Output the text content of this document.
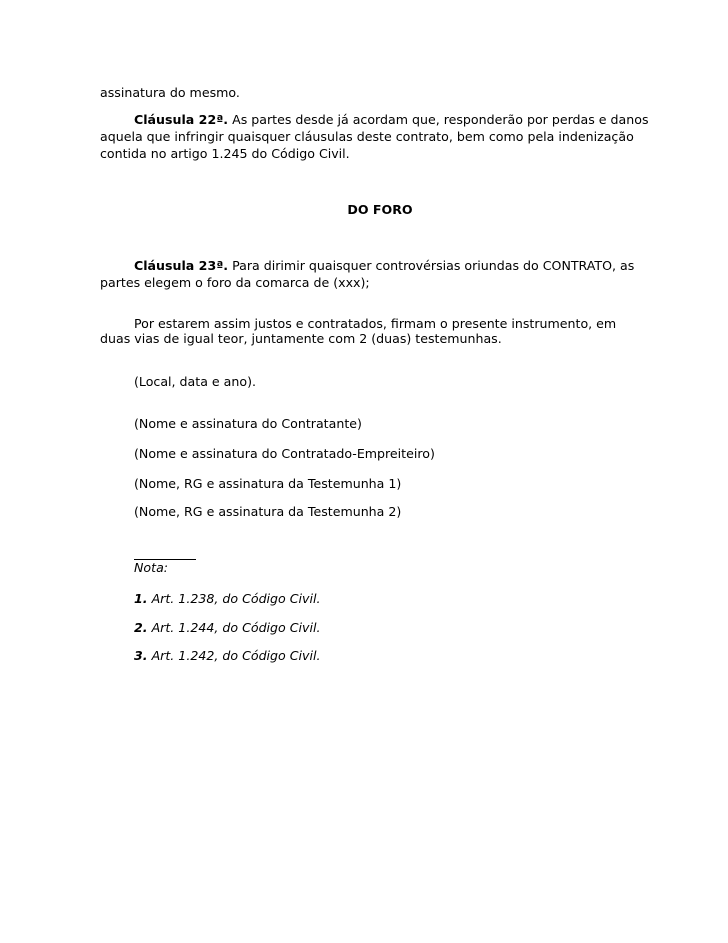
assinatura do mesmo.
Cláusula 22ª. As partes desde já acordam que, responderão por perdas e danos
aquela que infringir quaisquer cláusulas deste contrato, bem como pela indenização
contida no artigo 1.245 do Código Civil.
DO FORO
Cláusula 23ª. Para dirimir quaisquer controvérsias oriundas do CONTRATO, as
partes elegem o foro da comarca de (xxx);
Por estarem assim justos e contratados, firmam o presente instrumento, em
duas vias de igual teor, juntamente com 2 (duas) testemunhas.
(Local, data e ano).
(Nome e assinatura do Contratante)
(Nome e assinatura do Contratado-Empreiteiro)
(Nome, RG e assinatura da Testemunha 1)
(Nome, RG e assinatura da Testemunha 2)
Nota:
1. Art. 1.238, do Código Civil.
2. Art. 1.244, do Código Civil.
3. Art. 1.242, do Código Civil.
